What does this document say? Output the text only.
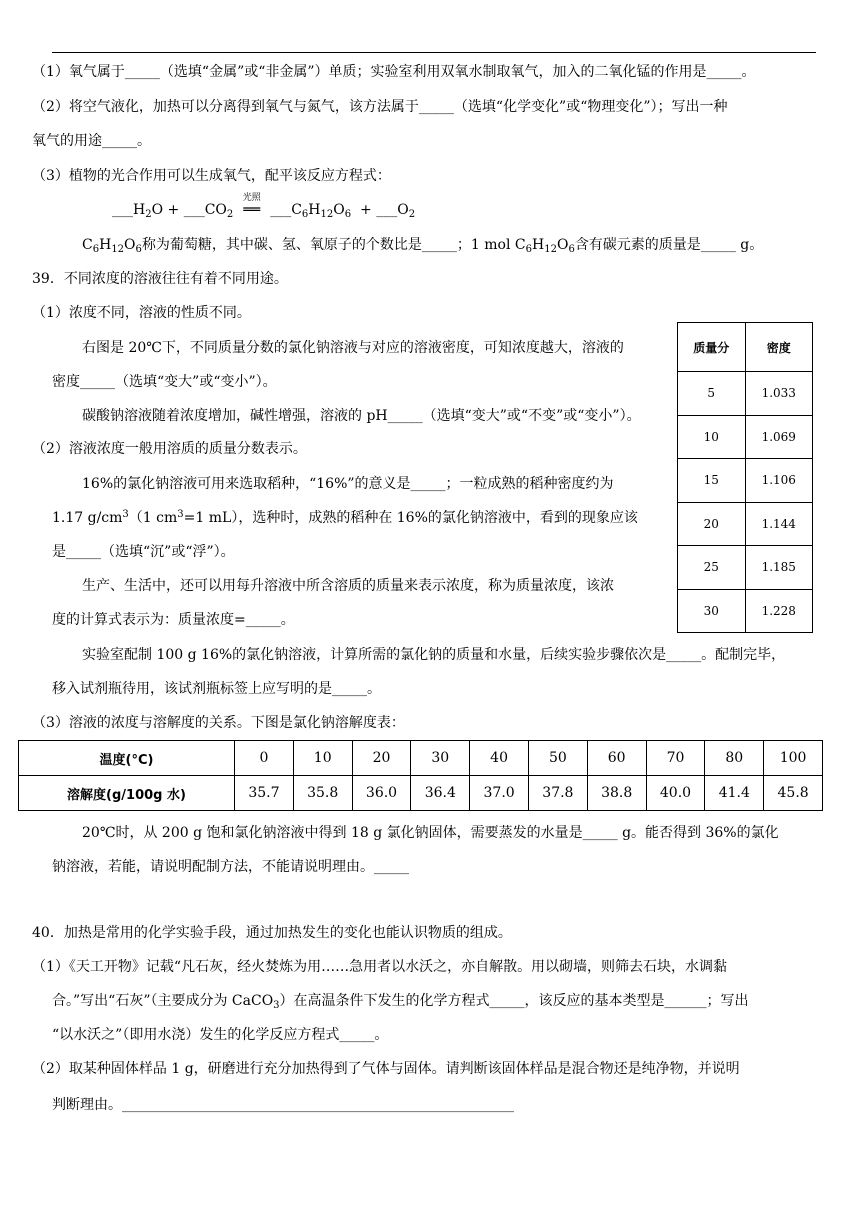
（1）氧气属于_____（选填“金属”或“非金属”）单质；实验室利用双氧水制取氧气，加入的二氧化锰的作用是_____。
（2）将空气液化，加热可以分离得到氧气与氮气，该方法属于_____（选填“化学变化”或“物理变化”）；写出一种
氧气的用途_____。
（3）植物的光合作用可以生成氧气，配平该反应方程式：
$\_\_\_H_2O$ + $\_\_\_CO_2$
光照
══ $\_\_\_C_6H_{12}O_6$ + $\_\_\_O_2$
$C_6H_{12}O_6$称为葡萄糖，其中碳、氢、氧原子的个数比是_____；1 mol $C_6H_{12}O_6$含有碳元素的质量是_____ g。
39．不同浓度的溶液往往有着不同用途。
（1）浓度不同，溶液的性质不同。
右图是 20℃下，不同质量分数的氯化钠溶液与对应的溶液密度，可知浓度越大，溶液的
密度_____（选填“变大”或“变小”）。
碳酸钠溶液随着浓度增加，碱性增强，溶液的 pH_____（选填“变大”或“不变”或“变小”）。
（2）溶液浓度一般用溶质的质量分数表示。
16%的氯化钠溶液可用来选取稻种，“16%”的意义是_____；一粒成熟的稻种密度约为
1.17 $g/cm^3(1$ $cm^3=1$ mL），选种时，成熟的稻种在 16%的氯化钠溶液中，看到的现象应该
是_____（选填“沉”或“浮”）。
生产、生活中，还可以用每升溶液中所含溶质的质量来表示浓度，称为质量浓度，该浓
度的计算式表示为：质量浓度=_____。
质量分	密度
5	1.033
10	1.069
15	1.106
20	1.144
25	1.185
30	1.228
实验室配制 100 g 16%的氯化钠溶液，计算所需的氯化钠的质量和水量，后续实验步骤依次是_____。配制完毕，
移入试剂瓶待用，该试剂瓶标签上应写明的是_____。
（3）溶液的浓度与溶解度的关系。下图是氯化钠溶解度表：
温度(°C)	0	10	20	30	40	50	60	70	80	100
溶解度(g/100g 水)	35.7	35.8	36.0	36.4	37.0	37.8	38.8	40.0	41.4	45.8
20℃时，从 200 g 饱和氯化钠溶液中得到 18 g 氯化钠固体，需要蒸发的水量是_____ g。能否得到 36%的氯化
钠溶液，若能，请说明配制方法，不能请说明理由。_____
40．加热是常用的化学实验手段，通过加热发生的变化也能认识物质的组成。
（1）《天工开物》记载“凡石灰，经火焚炼为用……急用者以水沃之，亦自解散。用以砌墙，则筛去石块，水调黏
合。”写出“石灰”（主要成分为 CaCO$_3$）在高温条件下发生的化学方程式_____，该反应的基本类型是______；写出
“以水沃之”（即用水浇）发生的化学反应方程式_____。
（2）取某种固体样品 1 g，研磨进行充分加热得到了气体与固体。请判断该固体样品是混合物还是纯净物，并说明
判断理由。________________________________________________________
